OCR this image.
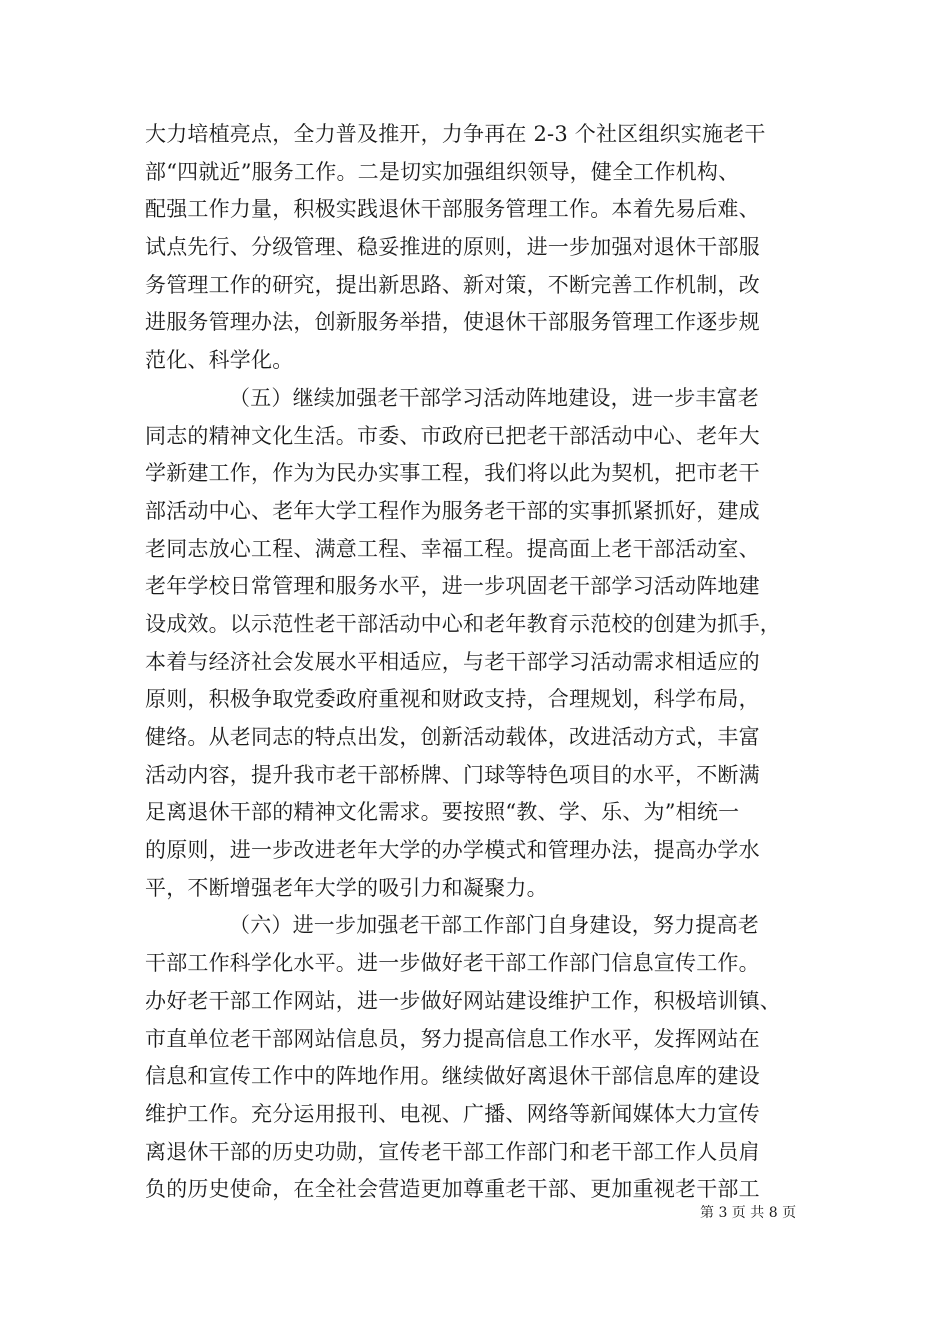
大力培植亮点，全力普及推开，力争再在 2-3 个社区组织实施老干
部“四就近”服务工作。二是切实加强组织领导，健全工作机构、
配强工作力量，积极实践退休干部服务管理工作。本着先易后难、
试点先行、分级管理、稳妥推进的原则，进一步加强对退休干部服
务管理工作的研究，提出新思路、新对策，不断完善工作机制，改
进服务管理办法，创新服务举措，使退休干部服务管理工作逐步规
范化、科学化。
（五）继续加强老干部学习活动阵地建设，进一步丰富老
同志的精神文化生活。市委、市政府已把老干部活动中心、老年大
学新建工作，作为为民办实事工程，我们将以此为契机，把市老干
部活动中心、老年大学工程作为服务老干部的实事抓紧抓好，建成
老同志放心工程、满意工程、幸福工程。提高面上老干部活动室、
老年学校日常管理和服务水平，进一步巩固老干部学习活动阵地建
设成效。以示范性老干部活动中心和老年教育示范校的创建为抓手，
本着与经济社会发展水平相适应，与老干部学习活动需求相适应的
原则，积极争取党委政府重视和财政支持，合理规划，科学布局，
健络。从老同志的特点出发，创新活动载体，改进活动方式，丰富
活动内容，提升我市老干部桥牌、门球等特色项目的水平，不断满
足离退休干部的精神文化需求。要按照“教、学、乐、为”相统一
的原则，进一步改进老年大学的办学模式和管理办法，提高办学水
平，不断增强老年大学的吸引力和凝聚力。
（六）进一步加强老干部工作部门自身建设，努力提高老
干部工作科学化水平。进一步做好老干部工作部门信息宣传工作。
办好老干部工作网站，进一步做好网站建设维护工作，积极培训镇、
市直单位老干部网站信息员，努力提高信息工作水平，发挥网站在
信息和宣传工作中的阵地作用。继续做好离退休干部信息库的建设
维护工作。充分运用报刊、电视、广播、网络等新闻媒体大力宣传
离退休干部的历史功勋，宣传老干部工作部门和老干部工作人员肩
负的历史使命，在全社会营造更加尊重老干部、更加重视老干部工
第 3 页 共 8 页
